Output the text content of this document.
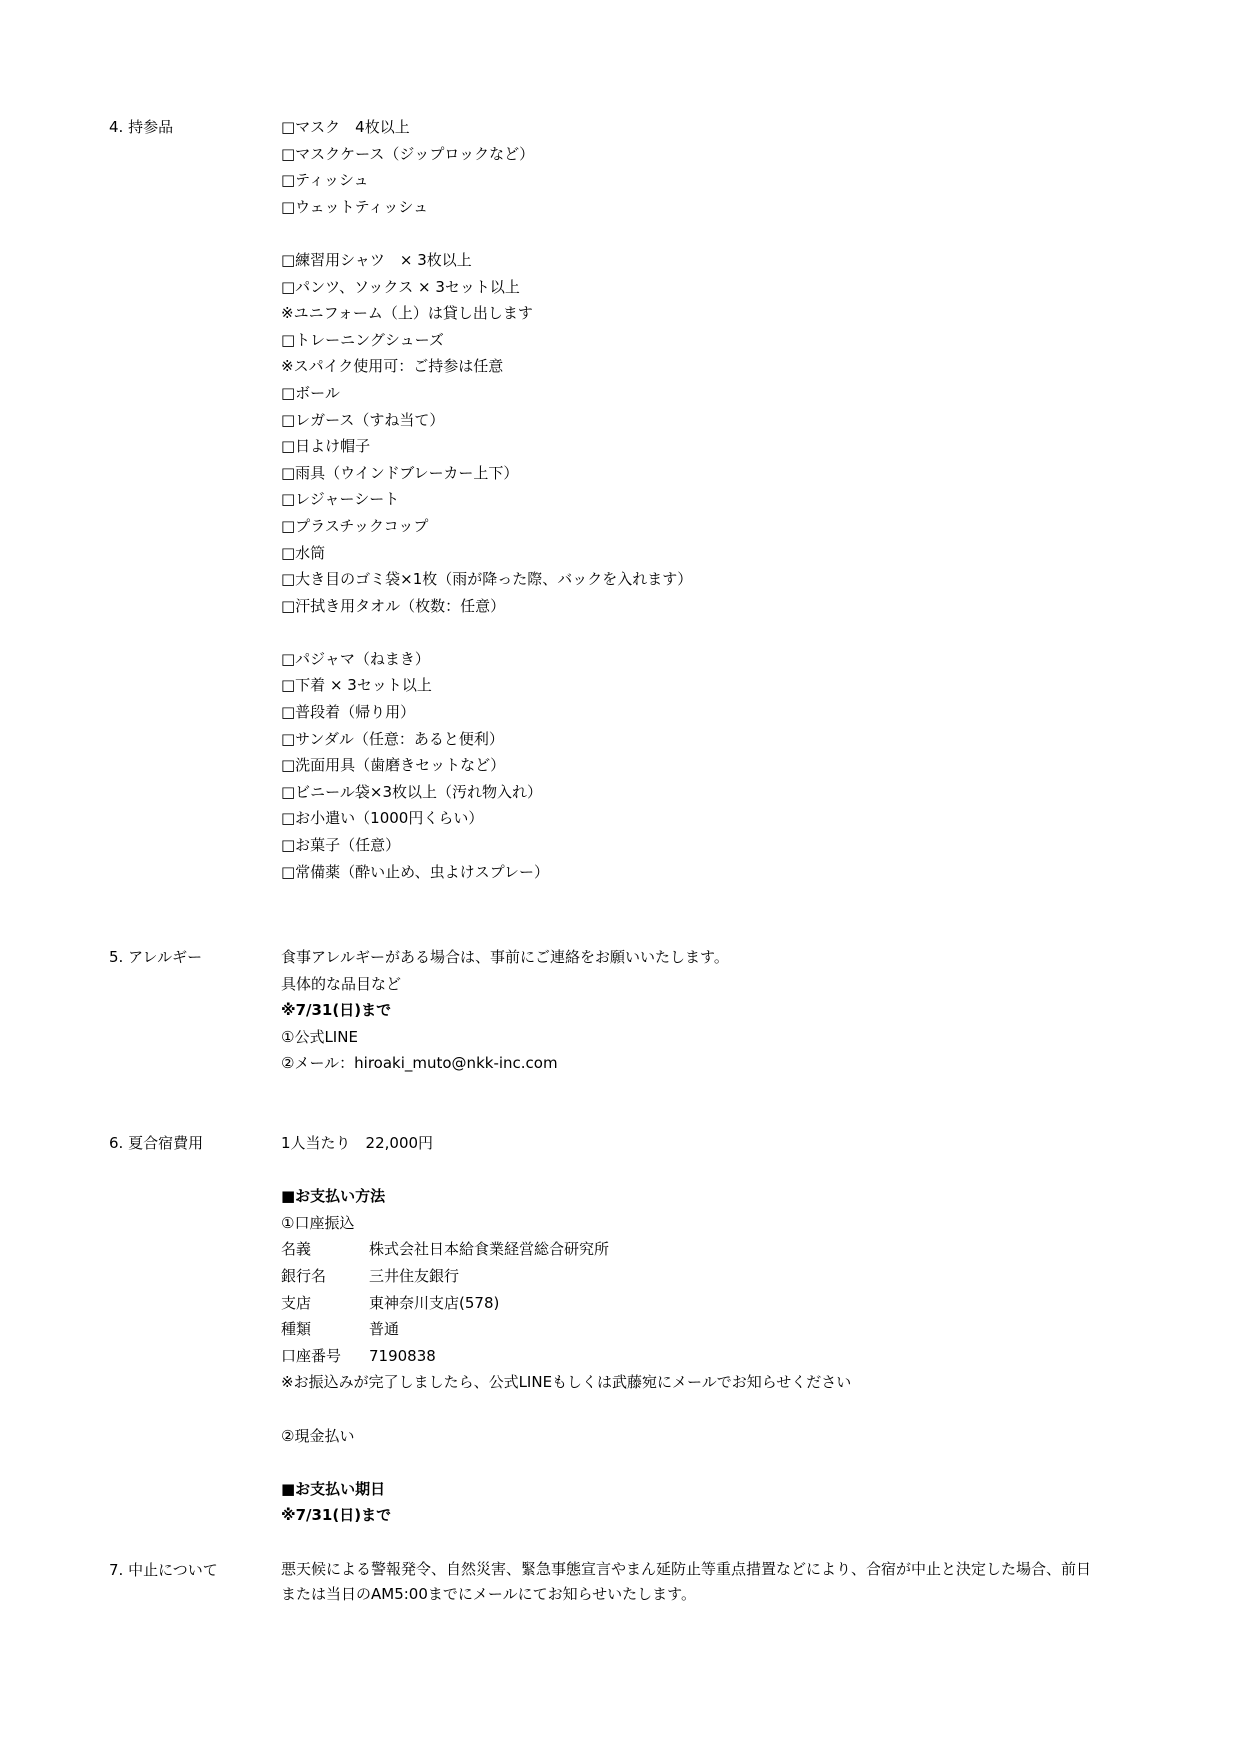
4. 持参品	□マスク　4枚以上
□マスクケース（ジップロックなど）
□ティッシュ
□ウェットティッシュ
□練習用シャツ　× 3枚以上
□パンツ、ソックス × 3セット以上
※ユニフォーム（上）は貸し出します
□トレーニングシューズ
※スパイク使用可：ご持参は任意
□ボール
□レガース（すね当て）
□日よけ帽子
□雨具（ウインドブレーカー上下）
□レジャーシート
□プラスチックコップ
□水筒
□大き目のゴミ袋×1枚（雨が降った際、バックを入れます）
□汗拭き用タオル（枚数：任意）
□パジャマ（ねまき）
□下着 × 3セット以上
□普段着（帰り用）
□サンダル（任意：あると便利）
□洗面用具（歯磨きセットなど）
□ビニール袋×3枚以上（汚れ物入れ）
□お小遣い（1000円くらい）
□お菓子（任意）
□常備薬（酔い止め、虫よけスプレー）
5. アレルギー	食事アレルギーがある場合は、事前にご連絡をお願いいたします。
具体的な品目など
※7/31(日)まで
①公式LINE
②メール：hiroaki_muto@nkk-inc.com
6. 夏合宿費用	1人当たり　22,000円
■お支払い方法
①口座振込
名義	株式会社日本給食業経営総合研究所
銀行名	三井住友銀行
支店	東神奈川支店(578)
種類	普通
口座番号	7190838
※お振込みが完了しましたら、公式LINEもしくは武藤宛にメールでお知らせください
②現金払い
■お支払い期日
※7/31(日)まで
7. 中止について	悪天候による警報発令、自然災害、緊急事態宣言やまん延防止等重点措置などにより、合宿が中止と決定した場合、前日または当日のAM5:00までにメールにてお知らせいたします。
